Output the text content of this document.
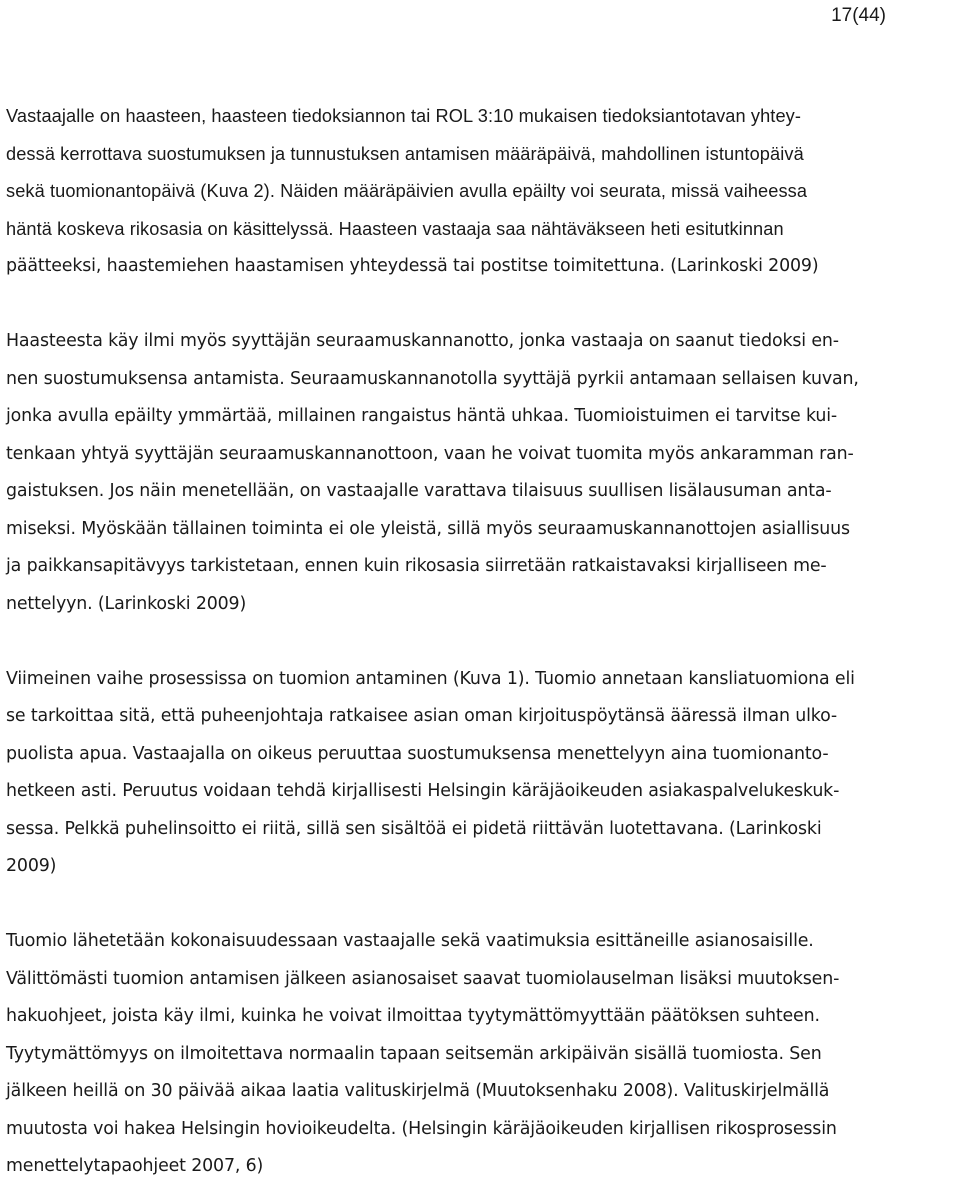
17(44)
Vastaajalle on haasteen, haasteen tiedoksiannon tai ROL 3:10 mukaisen tiedoksiantotavan yhtey-
dessä kerrottava suostumuksen ja tunnustuksen antamisen määräpäivä, mahdollinen istuntopäivä
sekä tuomionantopäivä (Kuva 2). Näiden määräpäivien avulla epäilty voi seurata, missä vaiheessa
häntä koskeva rikosasia on käsittelyssä. Haasteen vastaaja saa nähtäväkseen heti esitutkinnan
päätteeksi, haastemiehen haastamisen yhteydessä tai postitse toimitettuna. (Larinkoski 2009)
Haasteesta käy ilmi myös syyttäjän seuraamuskannanotto, jonka vastaaja on saanut tiedoksi en-
nen suostumuksensa antamista. Seuraamuskannanotolla syyttäjä pyrkii antamaan sellaisen kuvan,
jonka avulla epäilty ymmärtää, millainen rangaistus häntä uhkaa. Tuomioistuimen ei tarvitse kui-
tenkaan yhtyä syyttäjän seuraamuskannanottoon, vaan he voivat tuomita myös ankaramman ran-
gaistuksen. Jos näin menetellään, on vastaajalle varattava tilaisuus suullisen lisälausuman anta-
miseksi. Myöskään tällainen toiminta ei ole yleistä, sillä myös seuraamuskannanottojen asiallisuus
ja paikkansapitävyys tarkistetaan, ennen kuin rikosasia siirretään ratkaistavaksi kirjalliseen me-
nettelyyn. (Larinkoski 2009)
Viimeinen vaihe prosessissa on tuomion antaminen (Kuva 1). Tuomio annetaan kansliatuomiona eli
se tarkoittaa sitä, että puheenjohtaja ratkaisee asian oman kirjoituspöytänsä ääressä ilman ulko-
puolista apua. Vastaajalla on oikeus peruuttaa suostumuksensa menettelyyn aina tuomionanto-
hetkeen asti. Peruutus voidaan tehdä kirjallisesti Helsingin käräjäoikeuden asiakaspalvelukeskuk-
sessa. Pelkkä puhelinsoitto ei riitä, sillä sen sisältöä ei pidetä riittävän luotettavana. (Larinkoski
2009)
Tuomio lähetetään kokonaisuudessaan vastaajalle sekä vaatimuksia esittäneille asianosaisille.
Välittömästi tuomion antamisen jälkeen asianosaiset saavat tuomiolauselman lisäksi muutoksen-
hakuohjeet, joista käy ilmi, kuinka he voivat ilmoittaa tyytymättömyyttään päätöksen suhteen.
Tyytymättömyys on ilmoitettava normaalin tapaan seitsemän arkipäivän sisällä tuomiosta. Sen
jälkeen heillä on 30 päivää aikaa laatia valituskirjelmä (Muutoksenhaku 2008). Valituskirjelmällä
muutosta voi hakea Helsingin hovioikeudelta. (Helsingin käräjäoikeuden kirjallisen rikosprosessin
menettelytapaohjeet 2007, 6)
